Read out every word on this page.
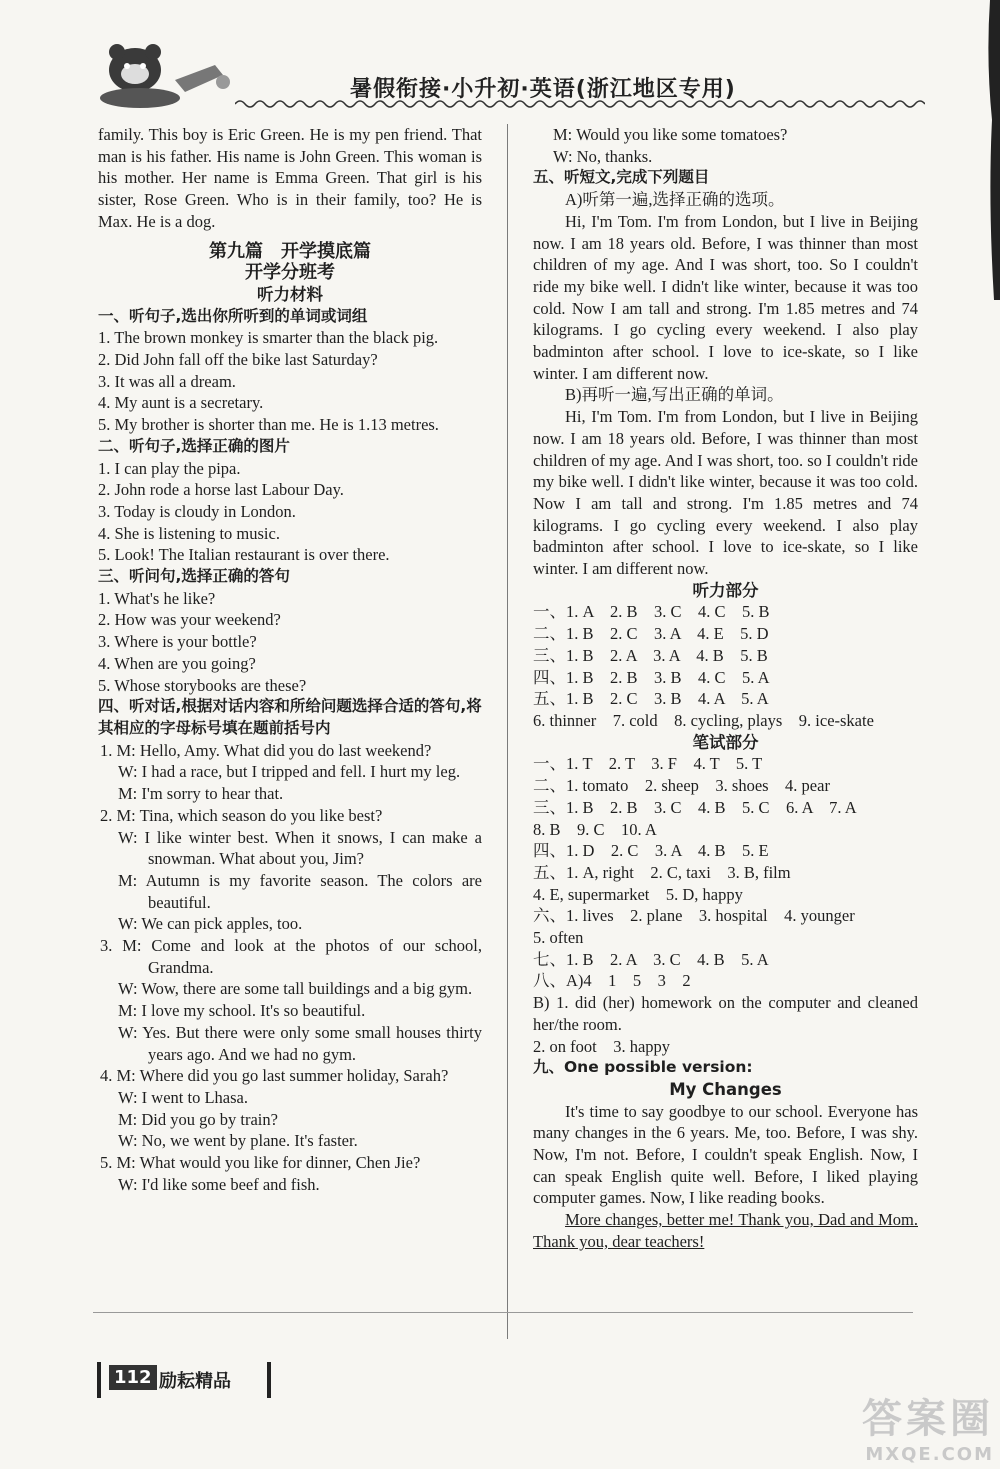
暑假衔接·小升初·英语(浙江地区专用)

family. This boy is Eric Green. He is my pen friend. That man is his father. His name is John Green. This woman is his mother. Her name is Emma Green. That girl is his sister, Rose Green. Who is in their family, too? He is Max. He is a dog.

第九篇　开学摸底篇

开学分班考

听力材料

一、听句子,选出你所听到的单词或词组

1. The brown monkey is smarter than the black pig.

2. Did John fall off the bike last Saturday?

3. It was all a dream.

4. My aunt is a secretary.

5. My brother is shorter than me. He is 1.13 metres.

二、听句子,选择正确的图片

1. I can play the pipa.

2. John rode a horse last Labour Day.

3. Today is cloudy in London.

4. She is listening to music.

5. Look! The Italian restaurant is over there.

三、听问句,选择正确的答句

1. What's he like?

2. How was your weekend?

3. Where is your bottle?

4. When are you going?

5. Whose storybooks are these?

四、听对话,根据对话内容和所给问题选择合适的答句,将其相应的字母标号填在题前括号内

1. M: Hello, Amy. What did you do last weekend?

W: I had a race, but I tripped and fell. I hurt my leg.

M: I'm sorry to hear that.

2. M: Tina, which season do you like best?

W: I like winter best. When it snows, I can make a snowman. What about you, Jim?

M: Autumn is my favorite season. The colors are beautiful.

W: We can pick apples, too.

3. M: Come and look at the photos of our school, Grandma.

W: Wow, there are some tall buildings and a big gym.

M: I love my school. It's so beautiful.

W: Yes. But there were only some small houses thirty years ago. And we had no gym.

4. M: Where did you go last summer holiday, Sarah?

W: I went to Lhasa.

M: Did you go by train?

W: No, we went by plane. It's faster.

5. M: What would you like for dinner, Chen Jie?

W: I'd like some beef and fish.

M: Would you like some tomatoes?

W: No, thanks.

五、听短文,完成下列题目

A)听第一遍,选择正确的选项。

Hi, I'm Tom. I'm from London, but I live in Beijing now. I am 18 years old. Before, I was thinner than most children of my age. And I was short, too. So I couldn't ride my bike well. I didn't like winter, because it was too cold. Now I am tall and strong. I'm 1.85 metres and 74 kilograms. I go cycling every weekend. I also play badminton after school. I love to ice-skate, so I like winter. I am different now.

B)再听一遍,写出正确的单词。

Hi, I'm Tom. I'm from London, but I live in Beijing now. I am 18 years old. Before, I was thinner than most children of my age. And I was short, too. so I couldn't ride my bike well. I didn't like winter, because it was too cold. Now I am tall and strong. I'm 1.85 metres and 74 kilograms. I go cycling every weekend. I also play badminton after school. I love to ice-skate, so I like winter. I am different now.

听力部分

一、1. A　2. B　3. C　4. C　5. B

二、1. B　2. C　3. A　4. E　5. D

三、1. B　2. A　3. A　4. B　5. B

四、1. B　2. B　3. B　4. C　5. A

五、1. B　2. C　3. B　4. A　5. A

6. thinner　7. cold　8. cycling, plays　9. ice-skate

笔试部分

一、1. T　2. T　3. F　4. T　5. T

二、1. tomato　2. sheep　3. shoes　4. pear

三、1. B　2. B　3. C　4. B　5. C　6. A　7. A

8. B　9. C　10. A

四、1. D　2. C　3. A　4. B　5. E

五、1. A, right　2. C, taxi　3. B, film

4. E, supermarket　5. D, happy

六、1. lives　2. plane　3. hospital　4. younger

5. often

七、1. B　2. A　3. C　4. B　5. A

八、A)4　1　5　3　2

B) 1. did (her) homework on the computer and cleaned her/the room.

2. on foot　3. happy

九、One possible version:

My Changes

It's time to say goodbye to our school. Everyone has many changes in the 6 years. Me, too. Before, I was shy. Now, I'm not. Before, I couldn't speak English. Now, I can speak English quite well. Before, I liked playing computer games. Now, I like reading books.

More changes, better me! Thank you, Dad and Mom. Thank you, dear teachers!

112 励耘精品
答案圈
MXQE.COM
